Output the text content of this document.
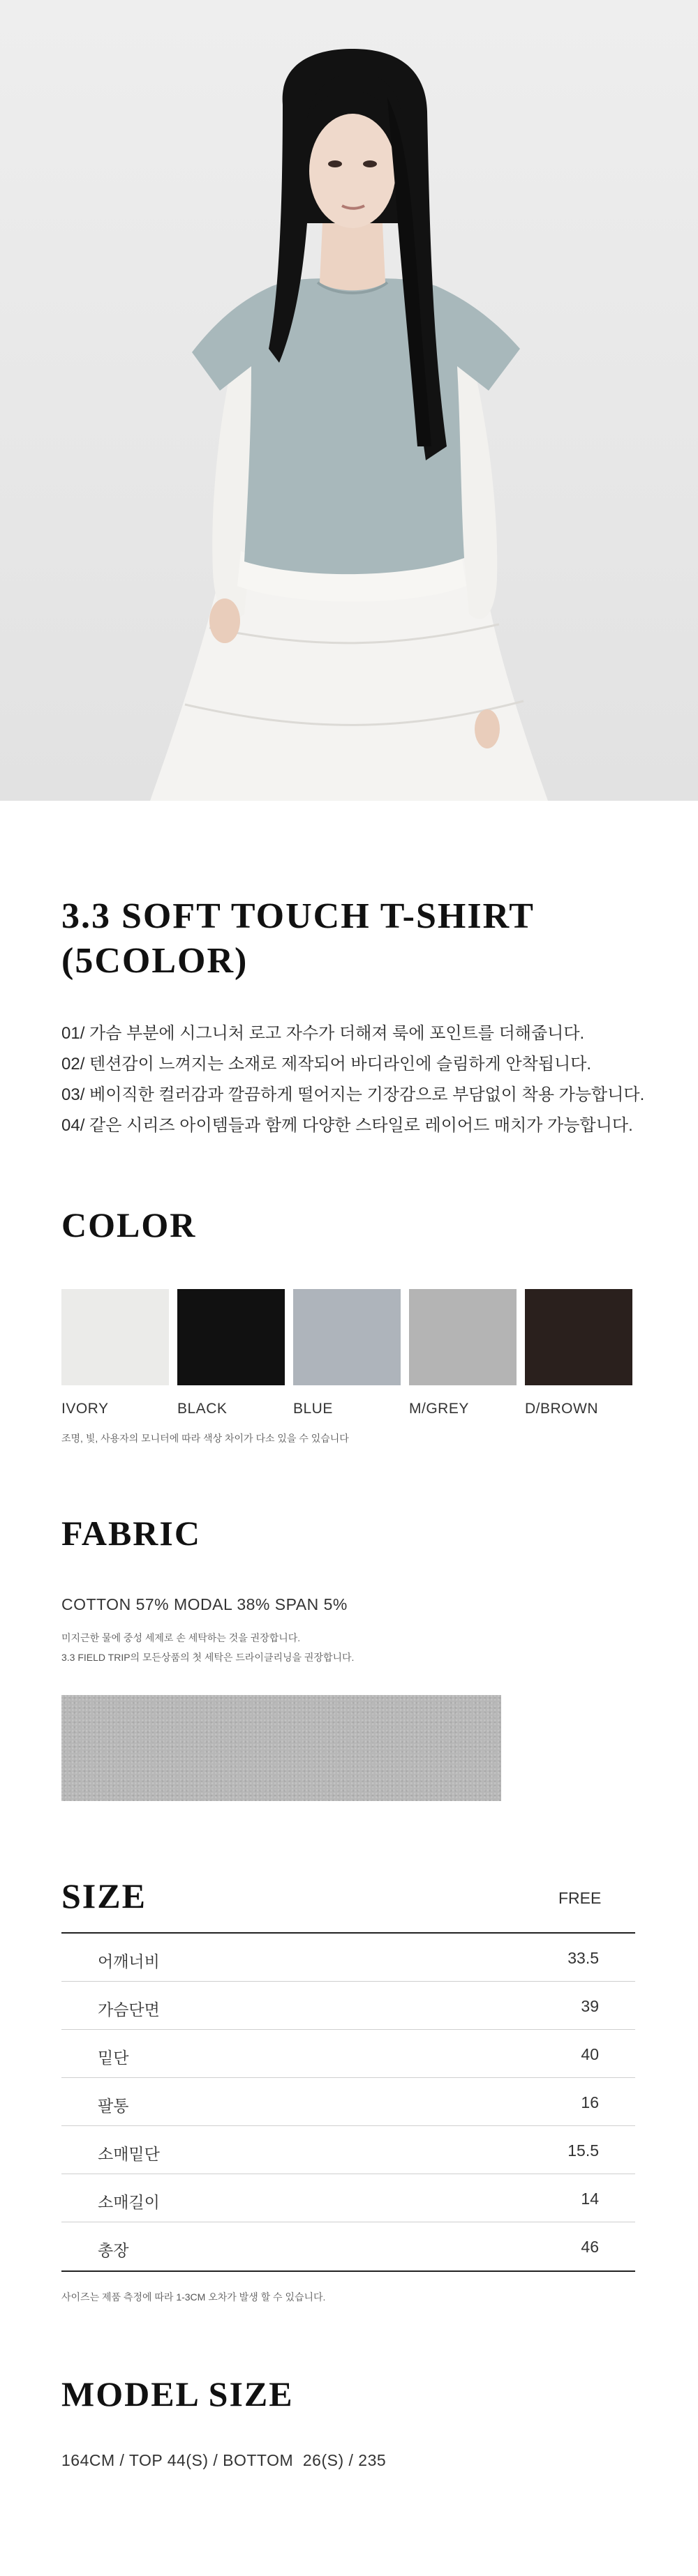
3.3 SOFT TOUCH T-SHIRT
(5COLOR)
01/ 가슴 부분에 시그니처 로고 자수가 더해져 룩에 포인트를 더해줍니다.
02/ 텐션감이 느껴지는 소재로 제작되어 바디라인에 슬림하게 안착됩니다.
03/ 베이직한 컬러감과 깔끔하게 떨어지는 기장감으로 부담없이 착용 가능합니다.
04/ 같은 시리즈 아이템들과 함께 다양한 스타일로 레이어드 매치가 가능합니다.
COLOR
IVORY	BLACK	BLUE	M/GREY	D/BROWN
조명, 빛, 사용자의 모니터에 따라 색상 차이가 다소 있을 수 있습니다
FABRIC
COTTON 57% MODAL 38% SPAN 5%
미지근한 물에 중성 세제로 손 세탁하는 것을 권장합니다.
3.3 FIELD TRIP의 모든상품의 첫 세탁은 드라이클리닝을 권장합니다.
SIZE	FREE
어깨너비	33.5
가슴단면	39
밑단	40
팔통	16
소매밑단	15.5
소매길이	14
총장	46
사이즈는 제품 측정에 따라 1-3CM 오차가 발생 할 수 있습니다.
MODEL SIZE
164CM / TOP 44(S) / BOTTOM  26(S) / 235
